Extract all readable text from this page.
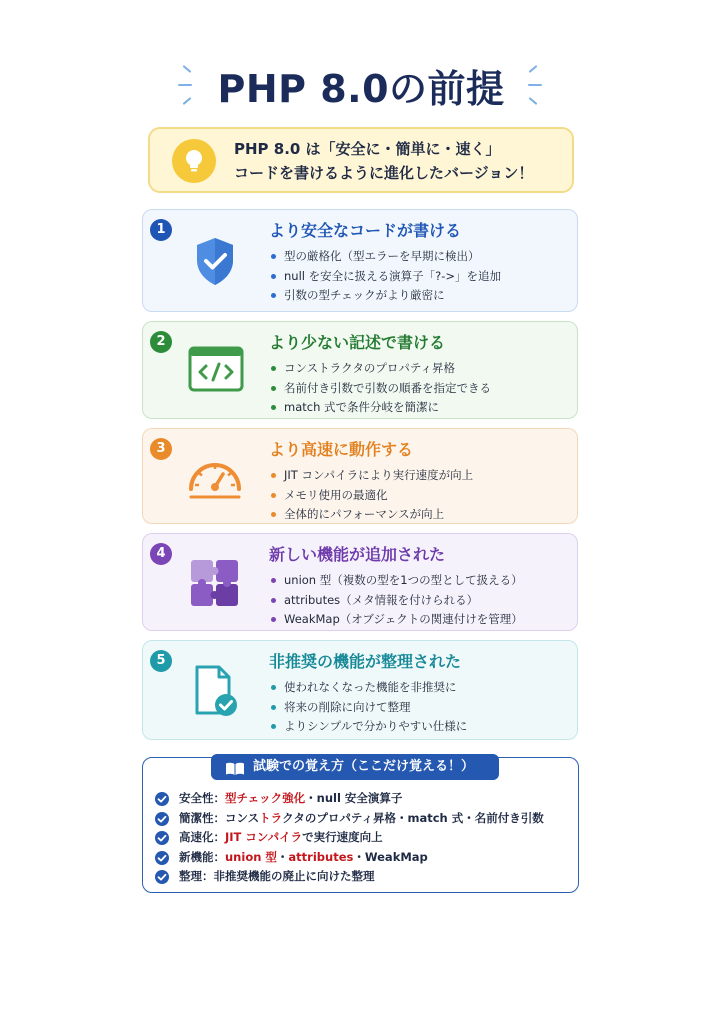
PHP 8.0の前提
PHP 8.0 は「安全に・簡単に・速く」
コードを書けるように進化したバージョン！
1	より安全なコードが書ける
型の厳格化（型エラーを早期に検出）
null を安全に扱える演算子「?->」を追加
引数の型チェックがより厳密に
2	より少ない記述で書ける
コンストラクタのプロパティ昇格
名前付き引数で引数の順番を指定できる
match 式で条件分岐を簡潔に
3	より高速に動作する
JIT コンパイラにより実行速度が向上
メモリ使用の最適化
全体的にパフォーマンスが向上
4	新しい機能が追加された
union 型（複数の型を1つの型として扱える）
attributes（メタ情報を付けられる）
WeakMap（オブジェクトの関連付けを管理）
5	非推奨の機能が整理された
使われなくなった機能を非推奨に
将来の削除に向けて整理
よりシンプルで分かりやすい仕様に
試験での覚え方（ここだけ覚える！）
安全性：型チェック強化・null 安全演算子
簡潔性：コンストラクタのプロパティ昇格・match 式・名前付き引数
高速化：JIT コンパイラで実行速度向上
新機能：union 型・attributes・WeakMap
整理：非推奨機能の廃止に向けた整理
